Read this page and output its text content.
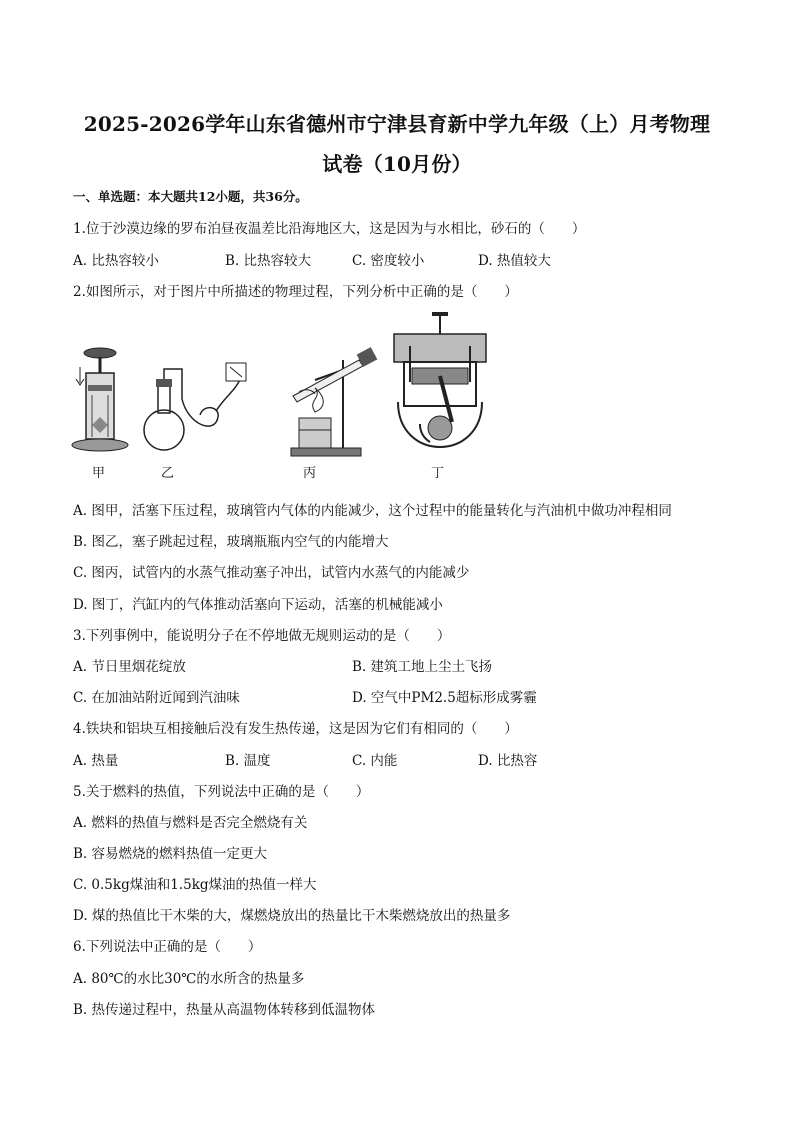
2025-2026学年山东省德州市宁津县育新中学九年级（上）月考物理
试卷（10月份）
一、单选题：本大题共12小题，共36分。
1.位于沙漠边缘的罗布泊昼夜温差比沿海地区大，这是因为与水相比，砂石的（　　）
A. 比热容较小	B. 比热容较大	C. 密度较小	D. 热值较大
2.如图所示，对于图片中所描述的物理过程，下列分析中正确的是（　　）
甲	乙	丙	丁
A. 图甲，活塞下压过程，玻璃管内气体的内能减少，这个过程中的能量转化与汽油机中做功冲程相同
B. 图乙，塞子跳起过程，玻璃瓶瓶内空气的内能增大
C. 图丙，试管内的水蒸气推动塞子冲出，试管内水蒸气的内能减少
D. 图丁，汽缸内的气体推动活塞向下运动，活塞的机械能减小
3.下列事例中，能说明分子在不停地做无规则运动的是（　　）
A. 节日里烟花绽放	B. 建筑工地上尘土飞扬
C. 在加油站附近闻到汽油味	D. 空气中PM2.5超标形成雾霾
4.铁块和铝块互相接触后没有发生热传递，这是因为它们有相同的（　　）
A. 热量	B. 温度	C. 内能	D. 比热容
5.关于燃料的热值，下列说法中正确的是（　　）
A. 燃料的热值与燃料是否完全燃烧有关
B. 容易燃烧的燃料热值一定更大
C. 0.5kg煤油和1.5kg煤油的热值一样大
D. 煤的热值比干木柴的大，煤燃烧放出的热量比干木柴燃烧放出的热量多
6.下列说法中正确的是（　　）
A. 80℃的水比30℃的水所含的热量多
B. 热传递过程中，热量从高温物体转移到低温物体
